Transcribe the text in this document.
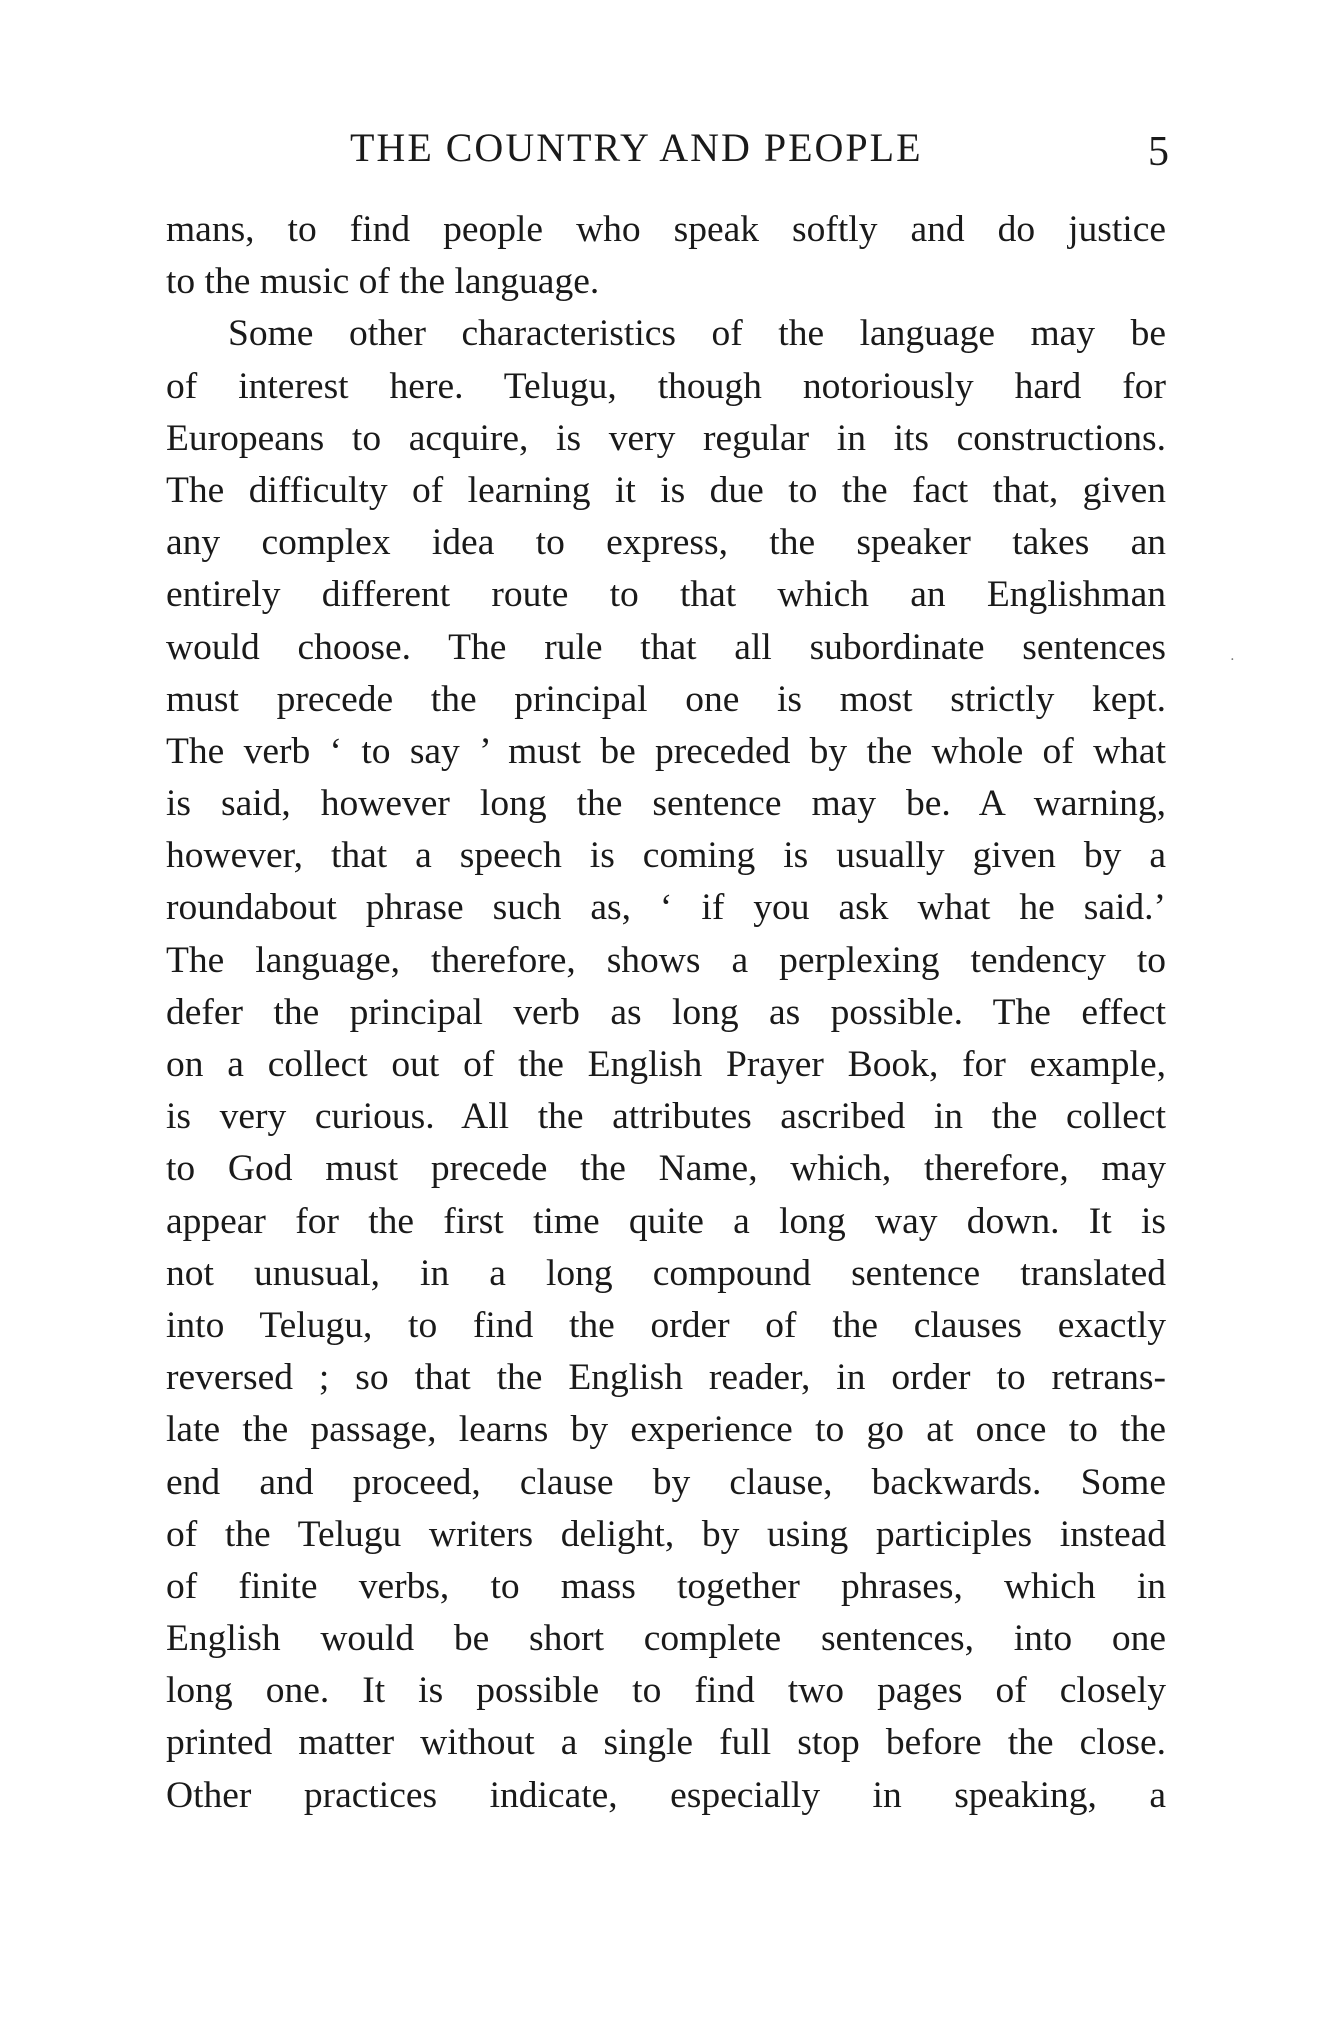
THE COUNTRY AND PEOPLE	5
mans, to find people who speak softly and do justice
to the music of the language.
Some other characteristics of the language may be
of interest here. Telugu, though notoriously hard for
Europeans to acquire, is very regular in its constructions.
The difficulty of learning it is due to the fact that, given
any complex idea to express, the speaker takes an
entirely different route to that which an Englishman
would choose. The rule that all subordinate sentences
must precede the principal one is most strictly kept.
The verb ‘ to say ’ must be preceded by the whole of what
is said, however long the sentence may be. A warning,
however, that a speech is coming is usually given by a
roundabout phrase such as, ‘ if you ask what he said.’
The language, therefore, shows a perplexing tendency to
defer the principal verb as long as possible. The effect
on a collect out of the English Prayer Book, for example,
is very curious. All the attributes ascribed in the collect
to God must precede the Name, which, therefore, may
appear for the first time quite a long way down. It is
not unusual, in a long compound sentence translated
into Telugu, to find the order of the clauses exactly
reversed ; so that the English reader, in order to retrans-
late the passage, learns by experience to go at once to the
end and proceed, clause by clause, backwards. Some
of the Telugu writers delight, by using participles instead
of finite verbs, to mass together phrases, which in
English would be short complete sentences, into one
long one. It is possible to find two pages of closely
printed matter without a single full stop before the close.
Other practices indicate, especially in speaking, a
․
